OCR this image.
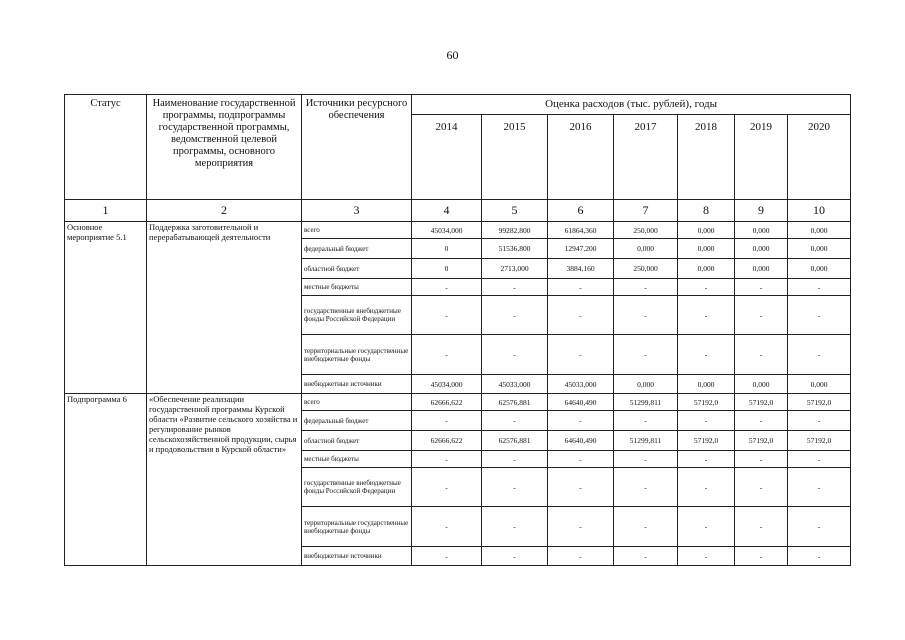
60
Статус	Наименование государственной программы, подпрограммы государственной программы, ведомственной целевой программы, основного мероприятия	Источники ресурсного обеспечения	Оценка расходов (тыс. рублей), годы						
			2014	2015	2016	2017	2018	2019	2020
1	2	3	4	5	6	7	8	9	10
Основное мероприятие 5.1	Поддержка заготовительной и перерабатывающей деятельности	всего	45034,000	99282,800	61864,360	250,000	0,000	0,000	0,000
		федеральный бюджет	0	51536,800	12947,200	0,000	0,000	0,000	0,000
		областной бюджет	0	2713,000	3884,160	250,000	0,000	0,000	0,000
		местные бюджеты	-	-	-	-	-	-	-
		государственные внебюджетные фонды Российской Федерации	-	-	-	-	-	-	-
		территориальные государственные внебюджетные фонды	-	-	-	-	-	-	-
		внебюджетные источники	45034,000	45033,000	45033,000	0,000	0,000	0,000	0,000
Подпрограмма 6	«Обеспечение реализации государственной программы Курской области «Развитие сельского хозяйства и регулирование рынков сельскохозяйственной продукции, сырья и продовольствия в Курской области»	всего	62666,622	62576,881	64640,490	51299,811	57192,0	57192,0	57192,0
		федеральный бюджет	-	-	-	-	-	-	-
		областной бюджет	62666,622	62576,881	64640,490	51299,811	57192,0	57192,0	57192,0
		местные бюджеты	-	-	-	-	-	-	-
		государственные внебюджетные фонды Российской Федерации	-	-	-	-	-	-	-
		территориальные государственные внебюджетные фонды	-	-	-	-	-	-	-
		внебюджетные источники	-	-	-	-	-	-	-
